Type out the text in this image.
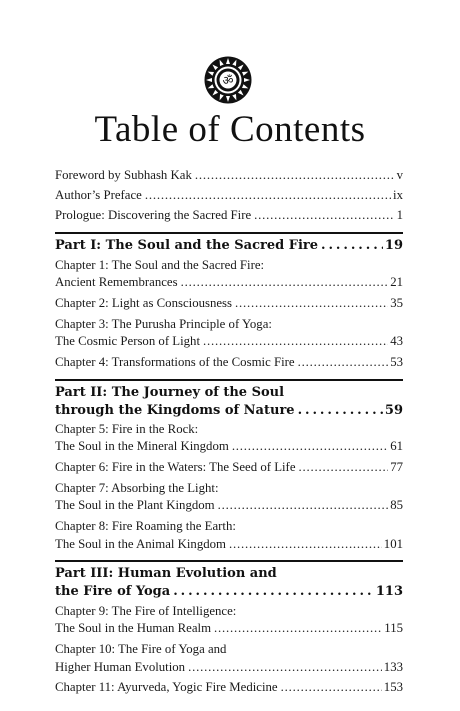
ॐ
Table of Contents
Foreword by Subhash Kak . . .	v
Author’s Preface . . .	ix
Prologue: Discovering the Sacred Fire . . .	1
Part I: The Soul and the Sacred Fire . . .	19
Chapter 1: The Soul and the Sacred Fire:
Ancient Remembrances . . .	21
Chapter 2: Light as Consciousness . . .	35
Chapter 3: The Purusha Principle of Yoga:
The Cosmic Person of Light . . .	43
Chapter 4: Transformations of the Cosmic Fire . . .	53
Part II: The Journey of the Soul
through the Kingdoms of Nature . . .	59
Chapter 5: Fire in the Rock:
The Soul in the Mineral Kingdom . . .	61
Chapter 6: Fire in the Waters: The Seed of Life . . .	77
Chapter 7: Absorbing the Light:
The Soul in the Plant Kingdom . . .	85
Chapter 8: Fire Roaming the Earth:
The Soul in the Animal Kingdom . . .	101
Part III: Human Evolution and
the Fire of Yoga . . .	113
Chapter 9: The Fire of Intelligence:
The Soul in the Human Realm . . .	115
Chapter 10: The Fire of Yoga and
Higher Human Evolution . . .	133
Chapter 11: Ayurveda, Yogic Fire Medicine . . .	153
